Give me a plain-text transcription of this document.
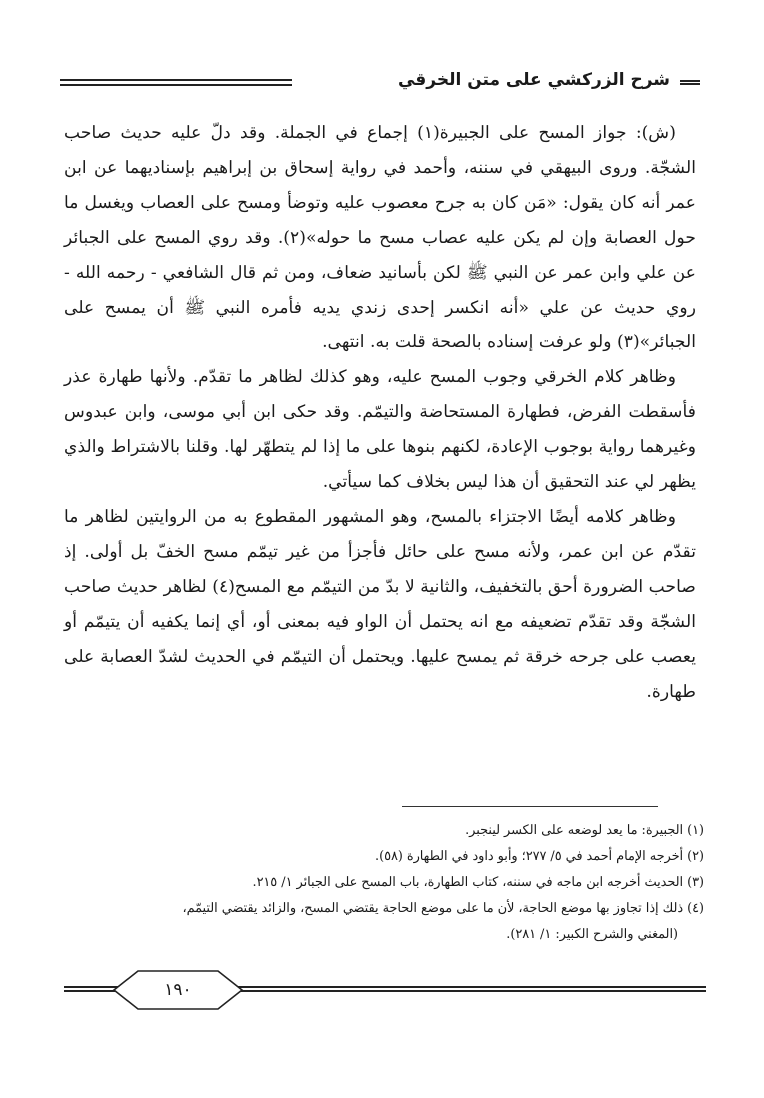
شرح الزركشي على متن الخرقي

(ش): جواز المسح على الجبيرة(١) إجماع في الجملة. وقد دلّ عليه حديث صاحب الشجّة. وروى البيهقي في سننه، وأحمد في رواية إسحاق بن إبراهيم بإسناديهما عن ابن عمر أنه كان يقول: «مَن كان به جرح معصوب عليه وتوضأ ومسح على العصاب ويغسل ما حول العصابة وإن لم يكن عليه عصاب مسح ما حوله»(٢). وقد روي المسح على الجبائر عن علي وابن عمر عن النبي ﷺ لكن بأسانيد ضعاف، ومن ثم قال الشافعي - رحمه الله - روي حديث عن علي «أنه انكسر إحدى زندي يديه فأمره النبي ﷺ أن يمسح على الجبائر»(٣) ولو عرفت إسناده بالصحة قلت به. انتهى.

وظاهر كلام الخرقي وجوب المسح عليه، وهو كذلك لظاهر ما تقدّم. ولأنها طهارة عذر فأسقطت الفرض، فطهارة المستحاضة والتيمّم. وقد حكى ابن أبي موسى، وابن عبدوس وغيرهما رواية بوجوب الإعادة، لكنهم بنوها على ما إذا لم يتطهّر لها. وقلنا بالاشتراط والذي يظهر لي عند التحقيق أن هذا ليس بخلاف كما سيأتي.

وظاهر كلامه أيضًا الاجتزاء بالمسح، وهو المشهور المقطوع به من الروايتين لظاهر ما تقدّم عن ابن عمر، ولأنه مسح على حائل فأجزأ من غير تيمّم مسح الخفّ بل أولى. إذ صاحب الضرورة أحق بالتخفيف، والثانية لا بدّ من التيمّم مع المسح(٤) لظاهر حديث صاحب الشجّة وقد تقدّم تضعيفه مع انه يحتمل أن الواو فيه بمعنى أو، أي إنما يكفيه أن يتيمّم أو يعصب على جرحه خرقة ثم يمسح عليها. ويحتمل أن التيمّم في الحديث لشدّ العصابة على طهارة.

(١) الجبيرة: ما يعد لوضعه على الكسر لينجبر.

(٢) أخرجه الإمام أحمد في ٥/ ٢٧٧؛ وأبو داود في الطهارة (٥٨).

(٣) الحديث أخرجه ابن ماجه في سننه، كتاب الطهارة، باب المسح على الجبائر ١/ ٢١٥.

(٤) ذلك إذا تجاوز بها موضع الحاجة، لأن ما على موضع الحاجة يقتضي المسح، والزائد يقتضي التيمّم،

(المغني والشرح الكبير: ١/ ٢٨١).

١٩٠
